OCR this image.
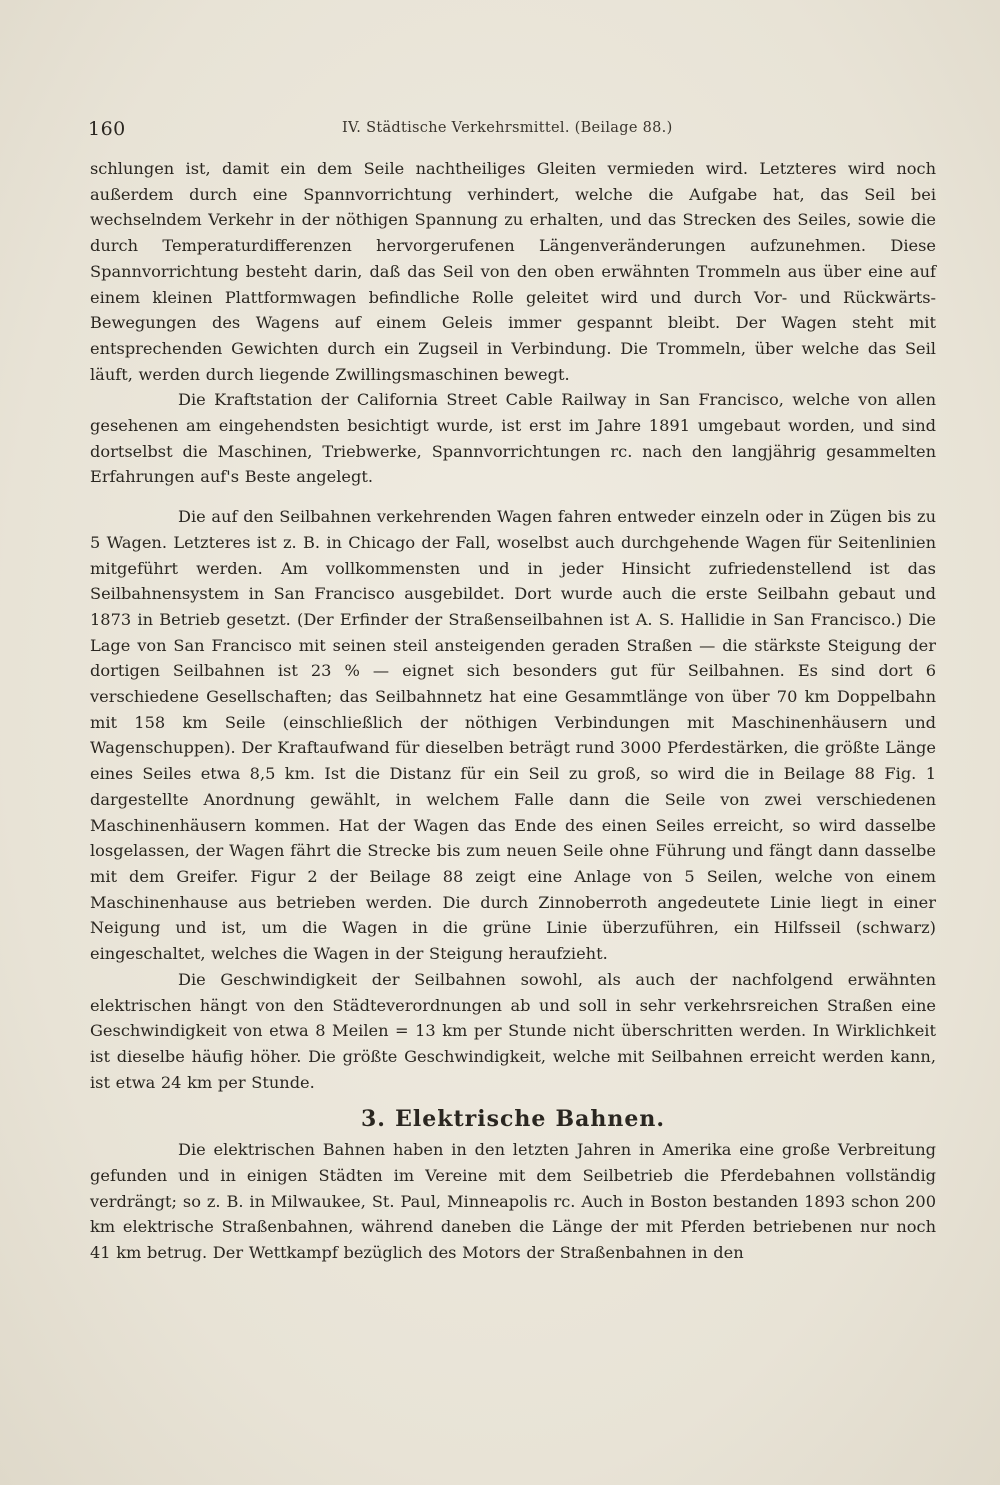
160	IV. Städtische Verkehrsmittel. (Beilage 88.)

schlungen ist, damit ein dem Seile nachtheiliges Gleiten vermieden wird. Letzteres wird noch außerdem durch eine Spannvorrichtung verhindert, welche die Aufgabe hat, das Seil bei wechselndem Verkehr in der nöthigen Spannung zu erhalten, und das Strecken des Seiles, sowie die durch Temperaturdifferenzen hervorgerufenen Längenveränderungen aufzunehmen. Diese Spannvorrichtung besteht darin, daß das Seil von den oben erwähnten Trommeln aus über eine auf einem kleinen Plattformwagen befindliche Rolle geleitet wird und durch Vor- und Rückwärts-Bewegungen des Wagens auf einem Geleis immer gespannt bleibt. Der Wagen steht mit entsprechenden Gewichten durch ein Zugseil in Verbindung. Die Trommeln, über welche das Seil läuft, werden durch liegende Zwillingsmaschinen bewegt.

Die Kraftstation der California Street Cable Railway in San Francisco, welche von allen gesehenen am eingehendsten besichtigt wurde, ist erst im Jahre 1891 umgebaut worden, und sind dortselbst die Maschinen, Triebwerke, Spannvorrichtungen rc. nach den langjährig gesammelten Erfahrungen auf's Beste angelegt.

Die auf den Seilbahnen verkehrenden Wagen fahren entweder einzeln oder in Zügen bis zu 5 Wagen. Letzteres ist z. B. in Chicago der Fall, woselbst auch durchgehende Wagen für Seitenlinien mitgeführt werden. Am vollkommensten und in jeder Hinsicht zufriedenstellend ist das Seilbahnensystem in San Francisco ausgebildet. Dort wurde auch die erste Seilbahn gebaut und 1873 in Betrieb gesetzt. (Der Erfinder der Straßenseilbahnen ist A. S. Hallidie in San Francisco.) Die Lage von San Francisco mit seinen steil ansteigenden geraden Straßen — die stärkste Steigung der dortigen Seilbahnen ist 23 % — eignet sich besonders gut für Seilbahnen. Es sind dort 6 verschiedene Gesellschaften; das Seilbahnnetz hat eine Gesammtlänge von über 70 km Doppelbahn mit 158 km Seile (einschließlich der nöthigen Verbindungen mit Maschinenhäusern und Wagenschuppen). Der Kraftaufwand für dieselben beträgt rund 3000 Pferdestärken, die größte Länge eines Seiles etwa 8,5 km. Ist die Distanz für ein Seil zu groß, so wird die in Beilage 88 Fig. 1 dargestellte Anordnung gewählt, in welchem Falle dann die Seile von zwei verschiedenen Maschinenhäusern kommen. Hat der Wagen das Ende des einen Seiles erreicht, so wird dasselbe losgelassen, der Wagen fährt die Strecke bis zum neuen Seile ohne Führung und fängt dann dasselbe mit dem Greifer. Figur 2 der Beilage 88 zeigt eine Anlage von 5 Seilen, welche von einem Maschinenhause aus betrieben werden. Die durch Zinnoberroth angedeutete Linie liegt in einer Neigung und ist, um die Wagen in die grüne Linie überzuführen, ein Hilfsseil (schwarz) eingeschaltet, welches die Wagen in der Steigung heraufzieht.

Die Geschwindigkeit der Seilbahnen sowohl, als auch der nachfolgend erwähnten elektrischen hängt von den Städteverordnungen ab und soll in sehr verkehrsreichen Straßen eine Geschwindigkeit von etwa 8 Meilen = 13 km per Stunde nicht überschritten werden. In Wirklichkeit ist dieselbe häufig höher. Die größte Geschwindigkeit, welche mit Seilbahnen erreicht werden kann, ist etwa 24 km per Stunde.

3. Elektrische Bahnen.

Die elektrischen Bahnen haben in den letzten Jahren in Amerika eine große Verbreitung gefunden und in einigen Städten im Vereine mit dem Seilbetrieb die Pferdebahnen vollständig verdrängt; so z. B. in Milwaukee, St. Paul, Minneapolis rc. Auch in Boston bestanden 1893 schon 200 km elektrische Straßenbahnen, während daneben die Länge der mit Pferden betriebenen nur noch 41 km betrug. Der Wettkampf bezüglich des Motors der Straßenbahnen in den
